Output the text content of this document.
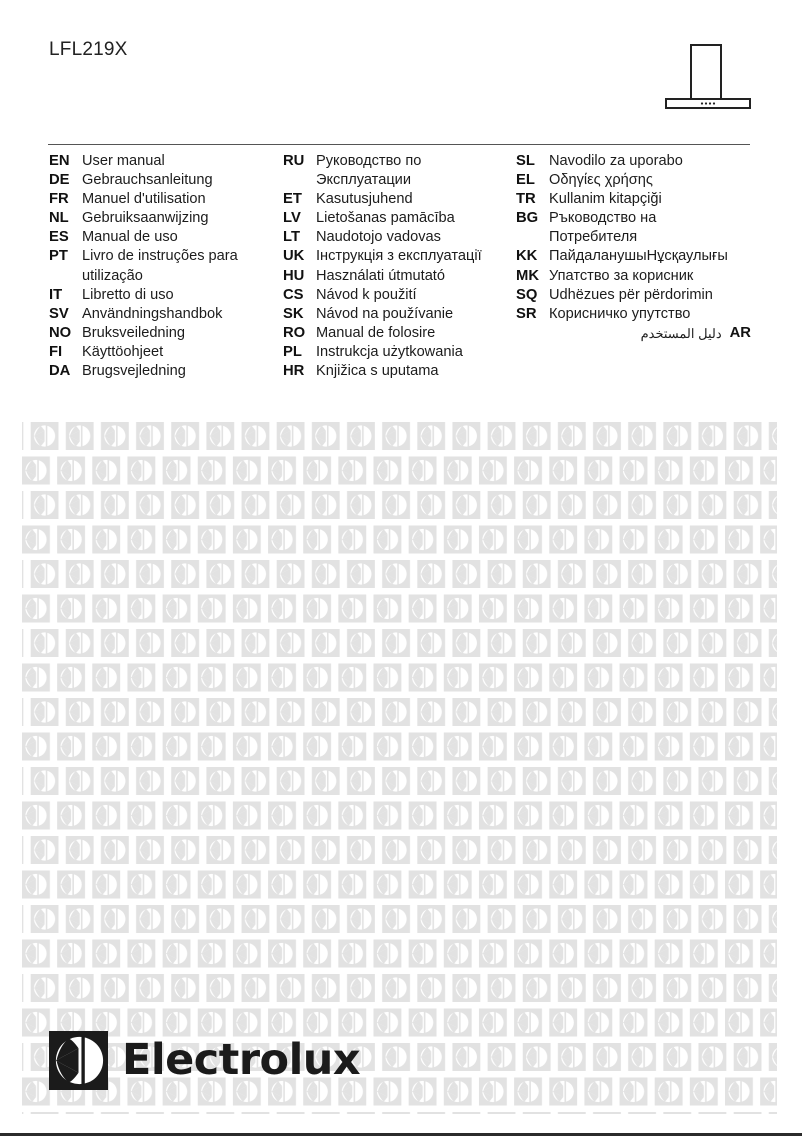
LFL219X
EN User manual
DE Gebrauchsanleitung
FR Manuel d'utilisation
NL Gebruiksaanwijzing
ES Manual de uso
PT Livro de instruções para utilização
IT	Libretto di uso
SV Användningshandbok
NO Bruksveiledning
FI	Käyttöohjeet
DA Brugsvejledning
RU Руководство по Эксплуатации
ET Kasutusjuhend
LV	Lietošanas pamācība
LT	Naudotojo vadovas
UK Інструкція з експлуатації
HU Használati útmutató
CS Návod k použití
SK Návod na používanie
RO Manual de folosire
PL Instrukcja użytkowania
HR Knjižica s uputama
SL Navodilo za uporabo
EL Οδηγίες χρήσης
TR Kullanim kitapçiği
BG Ръководство на Потребителя
KK ПайдаланушыНұсқаулығы
MK Упатство за корисник
SQ Udhëzues për përdorimin
SR Корисничко упутство
دليل المستخدم AR
Electrolux
